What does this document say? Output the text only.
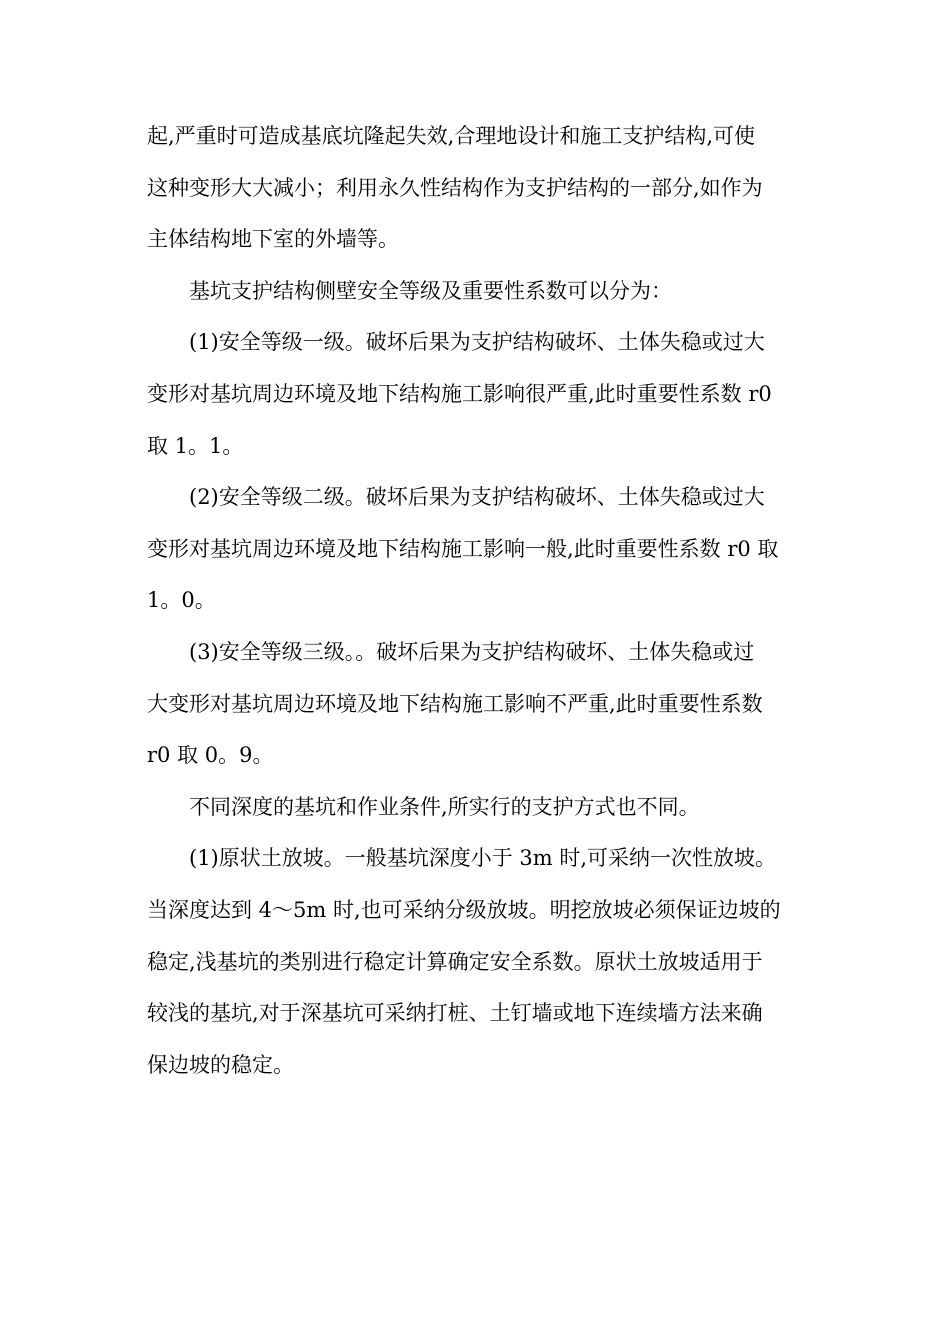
起,严重时可造成基底坑隆起失效,合理地设计和施工支护结构,可使
这种变形大大减小；利用永久性结构作为支护结构的一部分,如作为
主体结构地下室的外墙等。
基坑支护结构侧壁安全等级及重要性系数可以分为：
(1)安全等级一级。破坏后果为支护结构破坏、土体失稳或过大
变形对基坑周边环境及地下结构施工影响很严重,此时重要性系数 r0
取 1。1。
(2)安全等级二级。破坏后果为支护结构破坏、土体失稳或过大
变形对基坑周边环境及地下结构施工影响一般,此时重要性系数 r0 取
1。0。
(3)安全等级三级。。破坏后果为支护结构破坏、土体失稳或过
大变形对基坑周边环境及地下结构施工影响不严重,此时重要性系数
r0 取 0。9。
不同深度的基坑和作业条件,所实行的支护方式也不同。
(1)原状土放坡。一般基坑深度小于 3m 时,可采纳一次性放坡。
当深度达到 4～5m 时,也可采纳分级放坡。明挖放坡必须保证边坡的
稳定,浅基坑的类别进行稳定计算确定安全系数。原状土放坡适用于
较浅的基坑,对于深基坑可采纳打桩、土钉墙或地下连续墙方法来确
保边坡的稳定。
